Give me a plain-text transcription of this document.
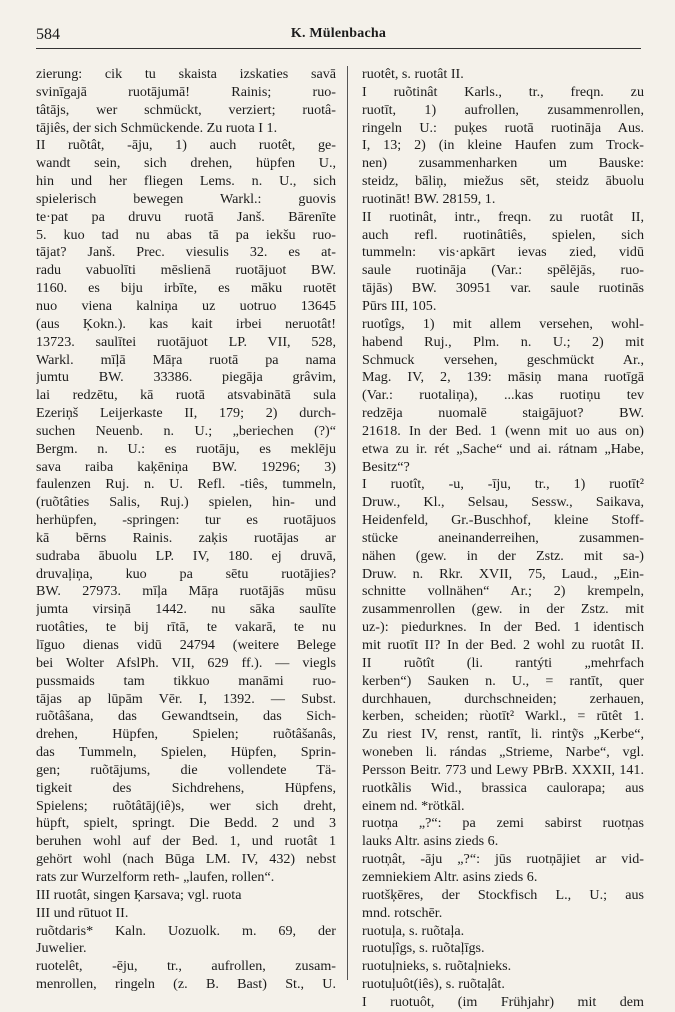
584	K. Mülenbacha
zierung: cik tu skaista izskaties savā
svinīgajā ruotājumā! Rainis; ruo-
tâtājs, wer schmückt, verziert; ruotâ-
tājiês, der sich Schmückende. Zu ruota I 1.
II ruõtât, -āju, 1) auch ruotêt, ge-
wandt sein, sich drehen, hüpfen U.,
hin und her fliegen Lems. n. U., sich
spielerisch bewegen Warkl.: guovis
te·pat pa druvu ruotā Janš. Bārenīte
5. kuo tad nu abas tā pa iekšu ruo-
tājat? Janš. Prec. viesulis 32. es at-
radu vabuolīti mēslienā ruotājuot BW.
1160. es biju irbīte, es māku ruotēt
nuo viena kalniņa uz uotruo 13645
(aus Ķokn.). kas kait irbei neruotât!
13723. saulītei ruotājuot LP. VII, 528,
Warkl. mīļā Māŗa ruotā pa nama
jumtu BW. 33386. piegāja grâvim,
lai redzētu, kā ruotā atsvabinātā sula
Ezeriņš Leijerkaste II, 179; 2) durch-
suchen Neuenb. n. U.; „beriechen (?)“
Bergm. n. U.: es ruotāju, es meklēju
sava raiba kaķēniņa BW. 19296; 3)
faulenzen Ruj. n. U. Refl. -tiês, tummeln,
(ruõtâties Salis, Ruj.) spielen, hin- und
herhüpfen, -springen: tur es ruotājuos
kā bērns Rainis. zaķis ruotājas ar
sudraba ābuolu LP. IV, 180. ej druvā,
druvaļiņa, kuo pa sētu ruotājies?
BW. 27973. mīļa Māŗa ruotājās mūsu
jumta virsiņā 1442. nu sāka saulīte
ruotâties, te bij rītā, te vakarā, te nu
līguo dienas vidū 24794 (weitere Belege
bei Wolter AfslPh. VII, 629 ff.). — viegls
pussmaids tam tikkuo manāmi ruo-
tājas ap lūpām Vēr. I, 1392. — Subst.
ruõtâšana, das Gewandtsein, das Sich-
drehen, Hüpfen, Spielen; ruõtâšanâs,
das Tummeln, Spielen, Hüpfen, Sprin-
gen; ruõtājums, die vollendete Tä-
tigkeit des Sichdrehens, Hüpfens,
Spielens; ruõtâtāj(iê)s, wer sich dreht,
hüpft, spielt, springt. Die Bedd. 2 und 3
beruhen wohl auf der Bed. 1, und ruotât 1
gehört wohl (nach Būga LM. IV, 432) nebst
rats zur Wurzelform reth- „laufen, rollen“.
III ruotât, singen Ķarsava; vgl. ruota
III und rūtuot II.
ruõtdaris* Kaln. Uozuolk. m. 69, der
Juwelier.
ruotelêt, -ēju, tr., aufrollen, zusam-
menrollen, ringeln (z. B. Bast) St., U.
ruotêt, s. ruotât II.
I ruõtinât Karls., tr., freqn. zu
ruotīt, 1) aufrollen, zusammenrollen,
ringeln U.: puķes ruotā ruotināja Aus.
I, 13; 2) (in kleine Haufen zum Trock-
nen) zusammenharken um Bauske:
steidz, bāliņ, miežus sēt, steidz ābuolu
ruotināt! BW. 28159, 1.
II ruotinât, intr., freqn. zu ruotât II,
auch refl. ruotinâtiês, spielen, sich
tummeln: vis·apkārt ievas zied, vidū
saule ruotināja (Var.: spēlējās, ruo-
tājās) BW. 30951 var. saule ruotinās
Pūrs III, 105.
ruotîgs, 1) mit allem versehen, wohl-
habend Ruj., Plm. n. U.; 2) mit
Schmuck versehen, geschmückt Ar.,
Mag. IV, 2, 139: māsiņ mana ruotīgā
(Var.: ruotaliņa), ...kas ruotiņu tev
redzēja nuomalē staigājuot? BW.
21618. In der Bed. 1 (wenn mit uo aus on)
etwa zu ir. rét „Sache“ und ai. rátnam „Habe,
Besitz“?
I ruotît, -u, -īju, tr., 1) ruotīt²
Druw., Kl., Selsau, Sessw., Saikava,
Heidenfeld, Gr.-Buschhof, kleine Stoff-
stücke aneinanderreihen, zusammen-
nähen (gew. in der Zstz. mit sa-)
Druw. n. Rkr. XVII, 75, Laud., „Ein-
schnitte vollnähen“ Ar.; 2) krempeln,
zusammenrollen (gew. in der Zstz. mit
uz-): piedurknes. In der Bed. 1 identisch
mit ruotīt II? In der Bed. 2 wohl zu ruotât II.
II ruõtît (li. rantýti „mehrfach
kerben“) Sauken n. U., = rantīt, quer
durchhauen, durchschneiden; zerhauen,
kerben, scheiden; rùotīt² Warkl., = rūtêt 1.
Zu riest IV, renst, rantīt, li. rintỹs „Kerbe“,
woneben li. rándas „Strieme, Narbe“, vgl.
Persson Beitr. 773 und Lewy PBrB. XXXII, 141.
ruotkãlis Wid., brassica caulorapa; aus
einem nd. *rötkāl.
ruotņa „?“: pa zemi sabirst ruotņas
lauks Altr. asins zieds 6.
ruotņât, -āju „?“: jūs ruotņājiet ar vid-
zemniekiem Altr. asins zieds 6.
ruotšķēres, der Stockfisch L., U.; aus
mnd. rotschēr.
ruotuļa, s. ruõtaļa.
ruotuļîgs, s. ruõtaļīgs.
ruotuļnieks, s. ruõtaļnieks.
ruotuļuôt(iês), s. ruõtaļât.
I ruotuôt, (im Frühjahr) mit dem
